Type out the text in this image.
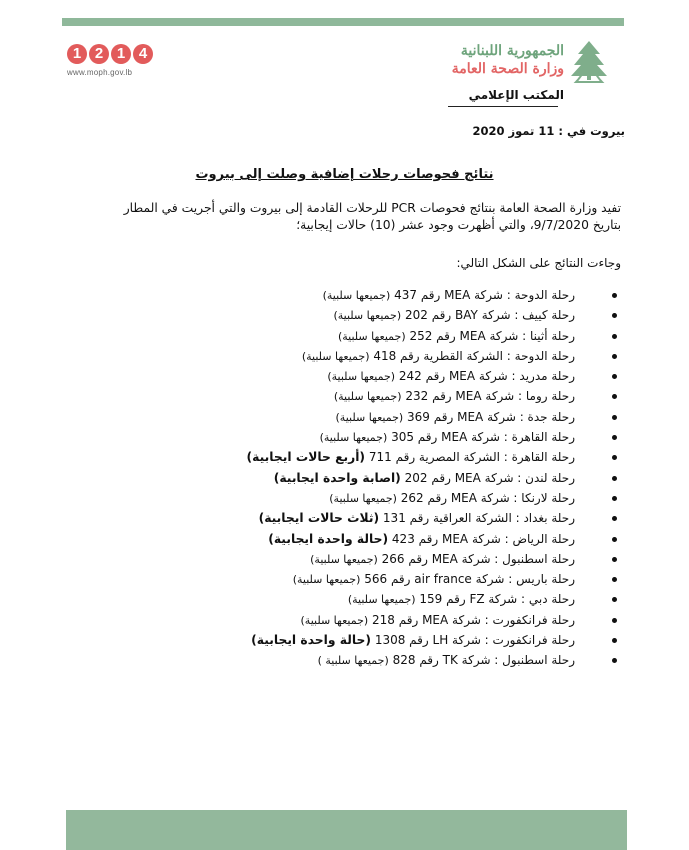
1 2 1 4
www.moph.gov.lb
الجمهورية اللبنانية
وزارة الصحة العامة
المكتب الإعلامي
بيروت في : 11 تموز 2020
نتائج فحوصات رحلات إضافية وصلت إلى بيروت
تفيد وزارة الصحة العامة بنتائج فحوصات PCR للرحلات القادمة إلى بيروت والتي أجريت في المطار بتاريخ 9/7/2020، والتي أظهرت وجود عشر (10) حالات إيجابية؛
وجاءت النتائج على الشكل التالي:
رحلة الدوحة : شركة MEA رقم 437 (جميعها سلبية)
رحلة كييف : شركة BAY رقم 202 (جميعها سلبية)
رحلة أثينا : شركة MEA رقم 252 (جميعها سلبية)
رحلة الدوحة : الشركة القطرية رقم 418 (جميعها سلبية)
رحلة مدريد : شركة MEA رقم 242 (جميعها سلبية)
رحلة روما : شركة MEA رقم 232 (جميعها سلبية)
رحلة جدة : شركة MEA رقم 369 (جميعها سلبية)
رحلة القاهرة : شركة MEA رقم 305 (جميعها سلبية)
رحلة القاهرة : الشركة المصرية رقم 711 (أربع حالات ايجابية)
رحلة لندن : شركة MEA رقم 202 (اصابة واحدة ايجابية)
رحلة لارنكا : شركة MEA رقم 262 (جميعها سلبية)
رحلة بغداد : الشركة العراقية رقم 131 (ثلاث حالات ايجابية)
رحلة الرياض : شركة MEA رقم 423 (حالة واحدة ايجابية)
رحلة اسطنبول : شركة MEA رقم 266 (جميعها سلبية)
رحلة باريس : شركة air france رقم 566 (جميعها سلبية)
رحلة دبي : شركة FZ رقم 159 (جميعها سلبية)
رحلة فرانكفورت : شركة MEA رقم 218 (جميعها سلبية)
رحلة فرانكفورت : شركة LH رقم 1308 (حالة واحدة ايجابية)
رحلة اسطنبول : شركة TK رقم 828 (جميعها سلبية )
